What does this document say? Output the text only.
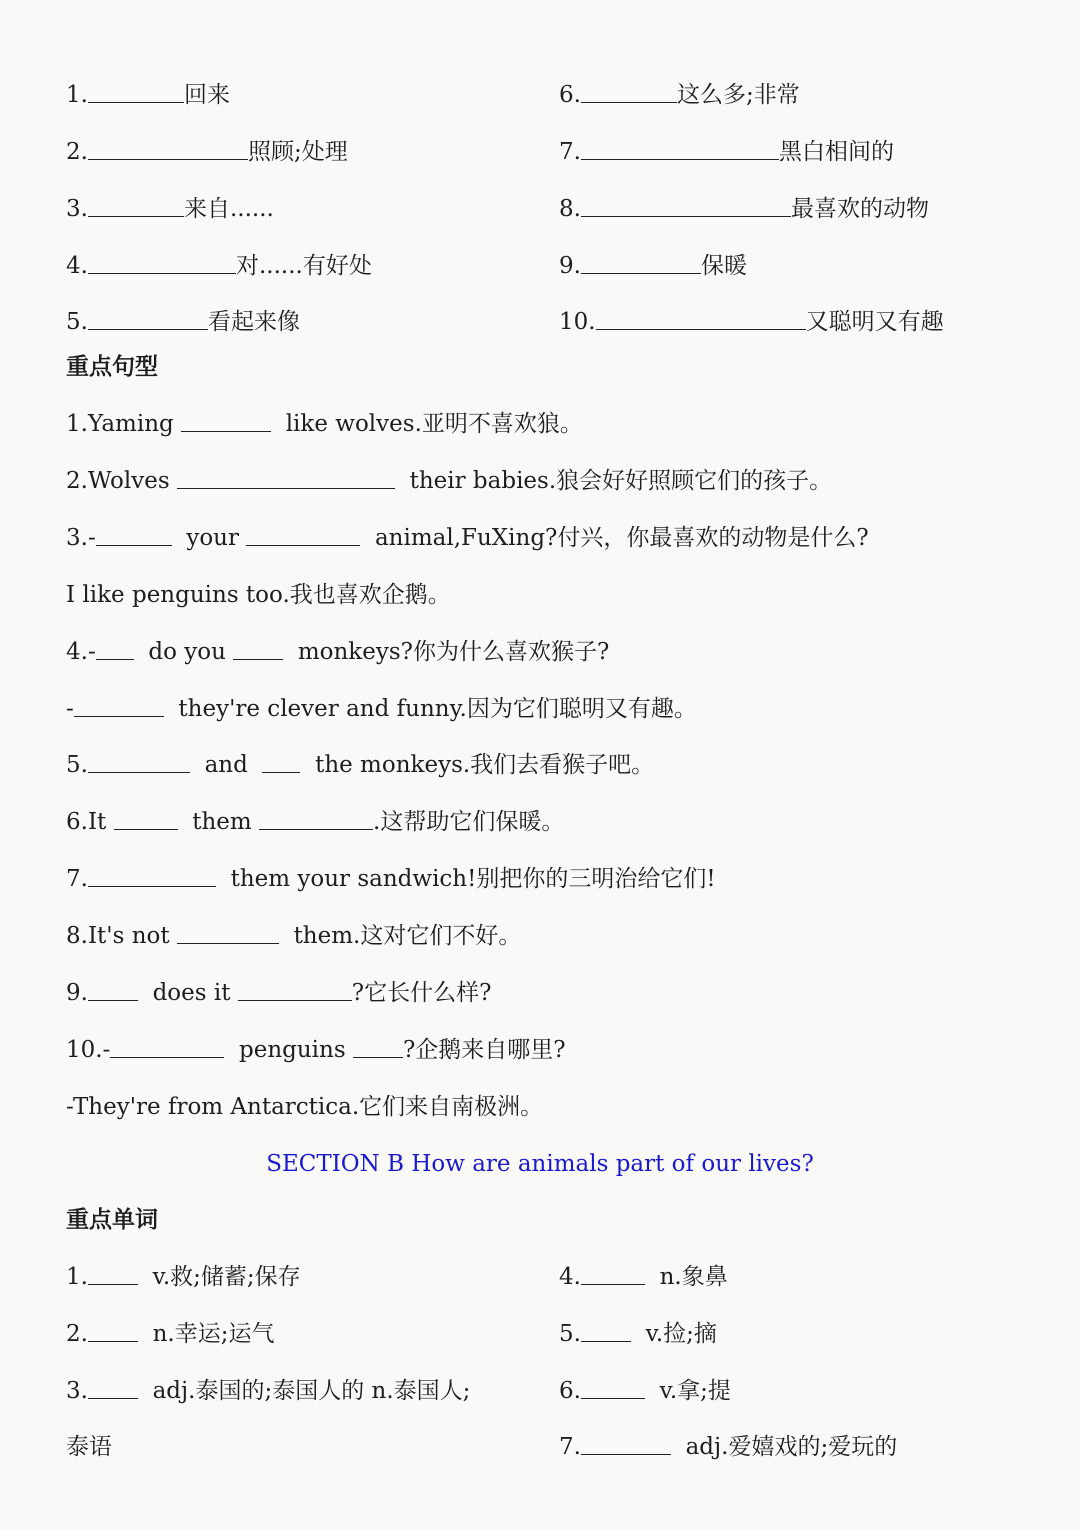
1.	回来
2.	照顾;处理
3.	来自......
4.	对......有好处
5.	看起来像
6.	这么多;非常
7.	黑白相间的
8.	最喜欢的动物
9.	保暖
10.	又聪明又有趣
重点句型
1.Yaming	like wolves.亚明不喜欢狼。
2.Wolves	their babies.狼会好好照顾它们的孩子。
3.-	your	animal,FuXing?付兴，你最喜欢的动物是什么?
I like penguins too.我也喜欢企鹅。
4.- do you	monkeys?你为什么喜欢猴子?
-	they're clever and funny.因为它们聪明又有趣。
5.	and	the monkeys.我们去看猴子吧。
6.It	them	.这帮助它们保暖。
7.	them your sandwich!别把你的三明治给它们!
8.It's not	them.这对它们不好。
9.	does it	?它长什么样?
10.-	penguins ?企鹅来自哪里?
-They're from Antarctica.它们来自南极洲。
SECTION B How are animals part of our lives?
重点单词
1.	v.救;储蓄;保存
2.	n.幸运;运气
3.	adj.泰国的;泰国人的 n.泰国人;
泰语
4.	n.象鼻
5.	v.捡;摘
6.	v.拿;提
7.	adj.爱嬉戏的;爱玩的
